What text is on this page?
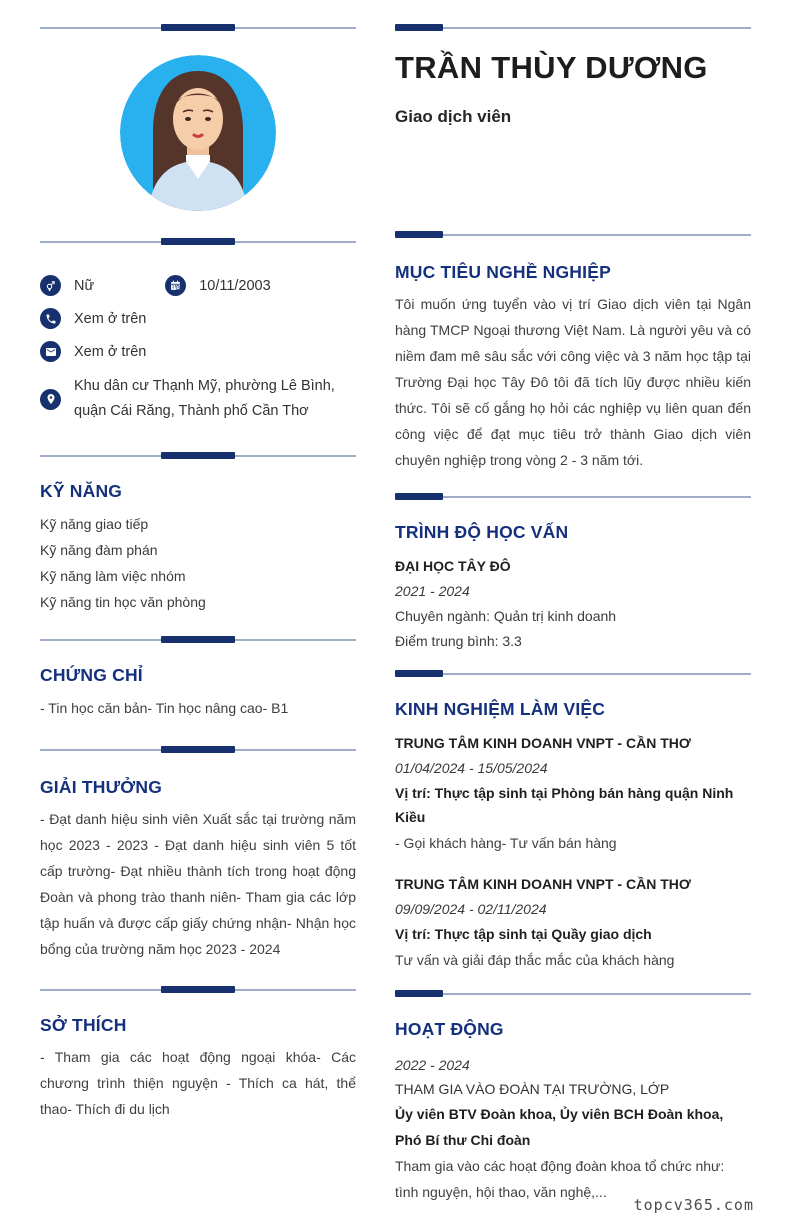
Nữ	10/11/2003
Xem ở trên
Xem ở trên
Khu dân cư Thạnh Mỹ, phường Lê Bình, quận Cái Răng, Thành phố Cần Thơ
KỸ NĂNG
Kỹ năng giao tiếp
Kỹ năng đàm phán
Kỹ năng làm việc nhóm
Kỹ năng tin học văn phòng
CHỨNG CHỈ
- Tin học căn bản- Tin học nâng cao- B1
GIẢI THƯỞNG
- Đạt danh hiệu sinh viên Xuất sắc tại trường năm học 2023 - 2023 - Đạt danh hiệu sinh viên 5 tốt cấp trường- Đạt nhiều thành tích trong hoạt động Đoàn và phong trào thanh niên- Tham gia các lớp tập huấn và được cấp giấy chứng nhận- Nhận học bổng của trường năm học 2023 - 2024
SỞ THÍCH
- Tham gia các hoạt động ngoại khóa- Các chương trình thiện nguyện - Thích ca hát, thể thao- Thích đi du lịch
TRẦN THÙY DƯƠNG
Giao dịch viên
MỤC TIÊU NGHỀ NGHIỆP
Tôi muốn ứng tuyển vào vị trí Giao dịch viên tại Ngân hàng TMCP Ngoại thương Việt Nam. Là người yêu và có niềm đam mê sâu sắc với công việc và 3 năm học tập tại Trường Đại học Tây Đô tôi đã tích lũy được nhiều kiến thức. Tôi sẽ cố gắng họ hỏi các nghiệp vụ liên quan đến công việc để đạt mục tiêu trở thành Giao dịch viên chuyên nghiệp trong vòng 2 - 3 năm tới.
TRÌNH ĐỘ HỌC VẤN
ĐẠI HỌC TÂY ĐÔ
2021 - 2024
Chuyên ngành: Quản trị kinh doanh
Điểm trung bình: 3.3
KINH NGHIỆM LÀM VIỆC
TRUNG TÂM KINH DOANH VNPT - CẦN THƠ
01/04/2024 - 15/05/2024
Vị trí: Thực tập sinh tại Phòng bán hàng quận Ninh Kiều
- Gọi khách hàng- Tư vấn bán hàng
TRUNG TÂM KINH DOANH VNPT - CẦN THƠ
09/09/2024 - 02/11/2024
Vị trí: Thực tập sinh tại Quầy giao dịch
Tư vấn và giải đáp thắc mắc của khách hàng
HOẠT ĐỘNG
2022 - 2024
THAM GIA VÀO ĐOÀN TẠI TRƯỜNG, LỚP
Ủy viên BTV Đoàn khoa, Ủy viên BCH Đoàn khoa, Phó Bí thư Chi đoàn
Tham gia vào các hoạt động đoàn khoa tổ chức như: tình nguyện, hội thao, văn nghệ,...
topcv365.com
